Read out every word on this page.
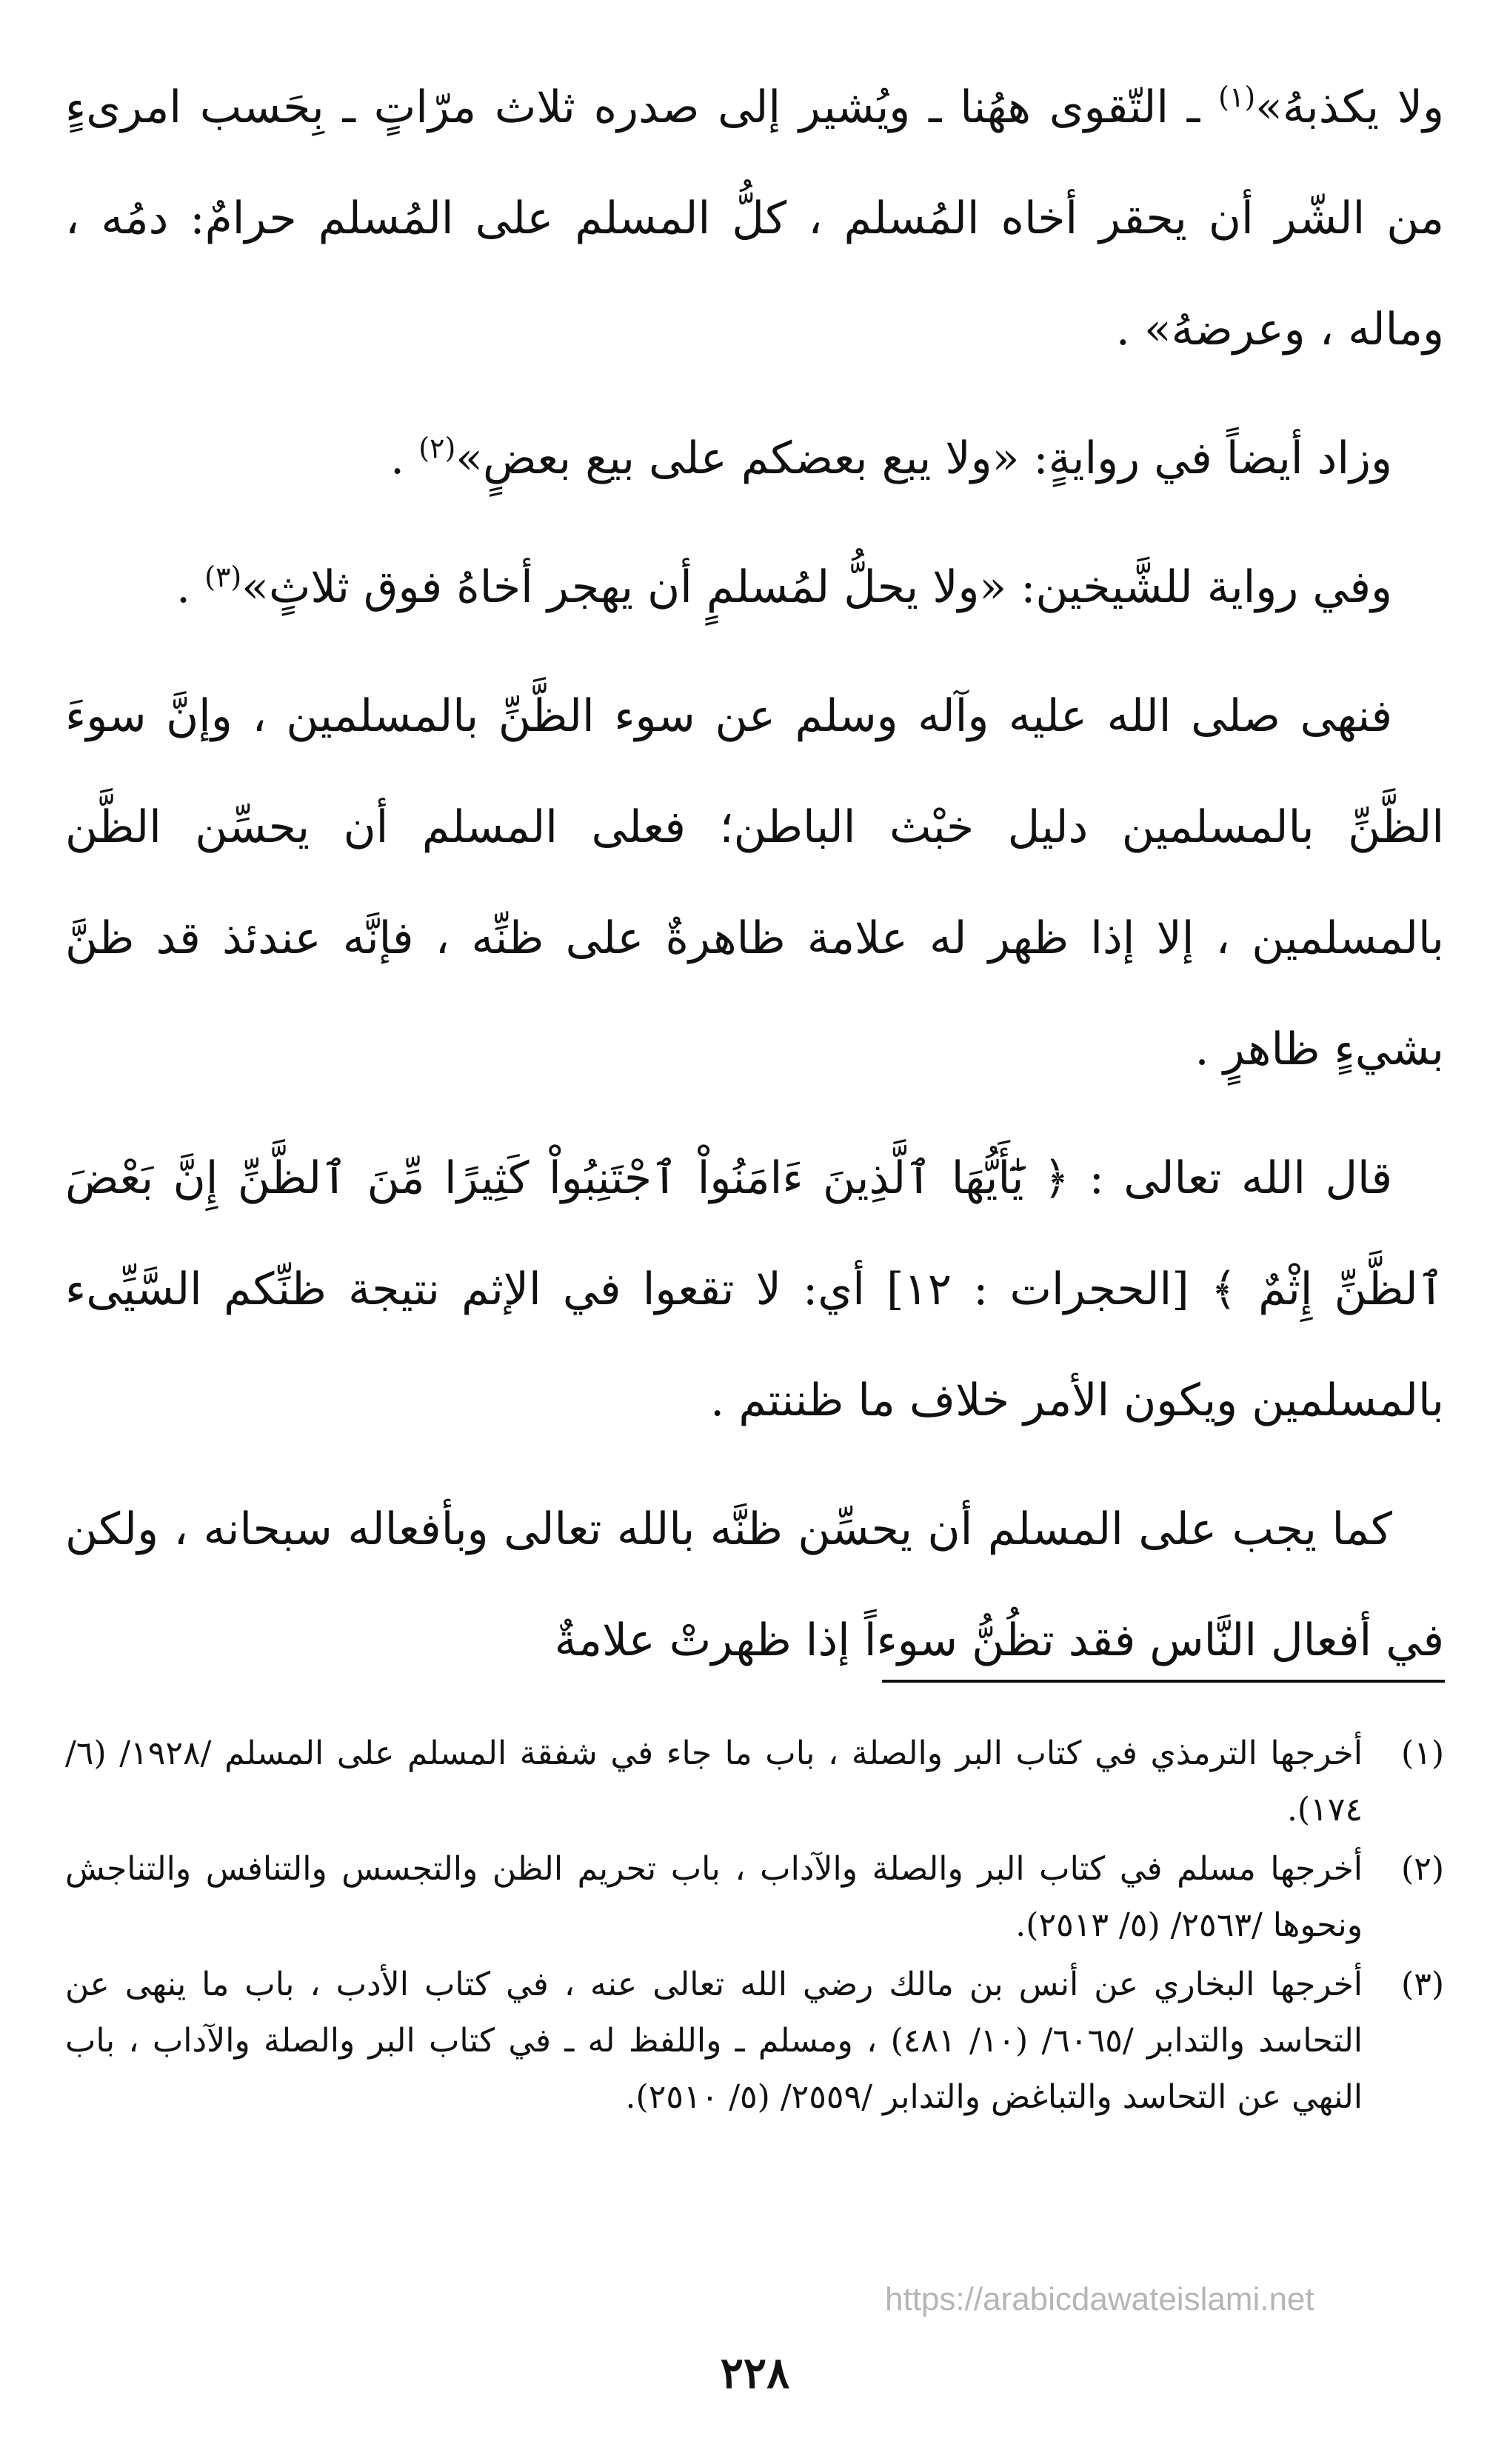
ولا يكذبهُ»$^{(١)}$ ـ التّقوى ههُنا ـ ويُشير إلى صدره ثلاث مرّاتٍ ـ بِحَسب امرىءٍ من الشّر أن يحقر أخاه المُسلم ، كلُّ المسلم على المُسلم حرامٌ: دمُه ، وماله ، وعرضهُ» .

وزاد أيضاً في روايةٍ: «ولا يبع بعضكم على بيع بعضٍ»$^{(٢)}$ .

وفي رواية للشَّيخين: «ولا يحلُّ لمُسلمٍ أن يهجر أخاهُ فوق ثلاثٍ»$^{(٣)}$ .

فنهى صلى الله عليه وآله وسلم عن سوء الظَّنِّ بالمسلمين ، وإنَّ سوءَ الظَّنِّ بالمسلمين دليل خبْث الباطن؛ فعلى المسلم أن يحسِّن الظَّن بالمسلمين ، إلا إذا ظهر له علامة ظاهرةٌ على ظنِّه ، فإنَّه عندئذ قد ظنَّ بشيءٍ ظاهرٍ .

قال الله تعالى : ﴿ يَٰٓأَيُّهَا ٱلَّذِينَ ءَامَنُواْ ٱجْتَنِبُواْ كَثِيرًا مِّنَ ٱلظَّنِّ إِنَّ بَعْضَ ٱلظَّنِّ إِثْمٌ ﴾ [الحجرات : ١٢] أي: لا تقعوا في الإثم نتيجة ظنِّكم السَّيِّىء بالمسلمين ويكون الأمر خلاف ما ظننتم .

كما يجب على المسلم أن يحسِّن ظنَّه بالله تعالى وبأفعاله سبحانه ، ولكن في أفعال النَّاس فقد تظُنُّ سوءاً إذا ظهرتْ علامةٌ

(١)
أخرجها الترمذي في كتاب البر والصلة ، باب ما جاء في شفقة المسلم على المسلم /١٩٢٨/ (٦/ ١٧٤).
(٢)
أخرجها مسلم في كتاب البر والصلة والآداب ، باب تحريم الظن والتجسس والتنافس والتناجش ونحوها /٢٥٦٣/ (٥/ ٢٥١٣).
(٣)
أخرجها البخاري عن أنس بن مالك رضي الله تعالى عنه ، في كتاب الأدب ، باب ما ينهى عن التحاسد والتدابر /٦٠٦٥/ (١٠/ ٤٨١) ، ومسلم ـ واللفظ له ـ في كتاب البر والصلة والآداب ، باب النهي عن التحاسد والتباغض والتدابر /٢٥٥٩/ (٥/ ٢٥١٠).
https://arabicdawateislami.net
٢٢٨
